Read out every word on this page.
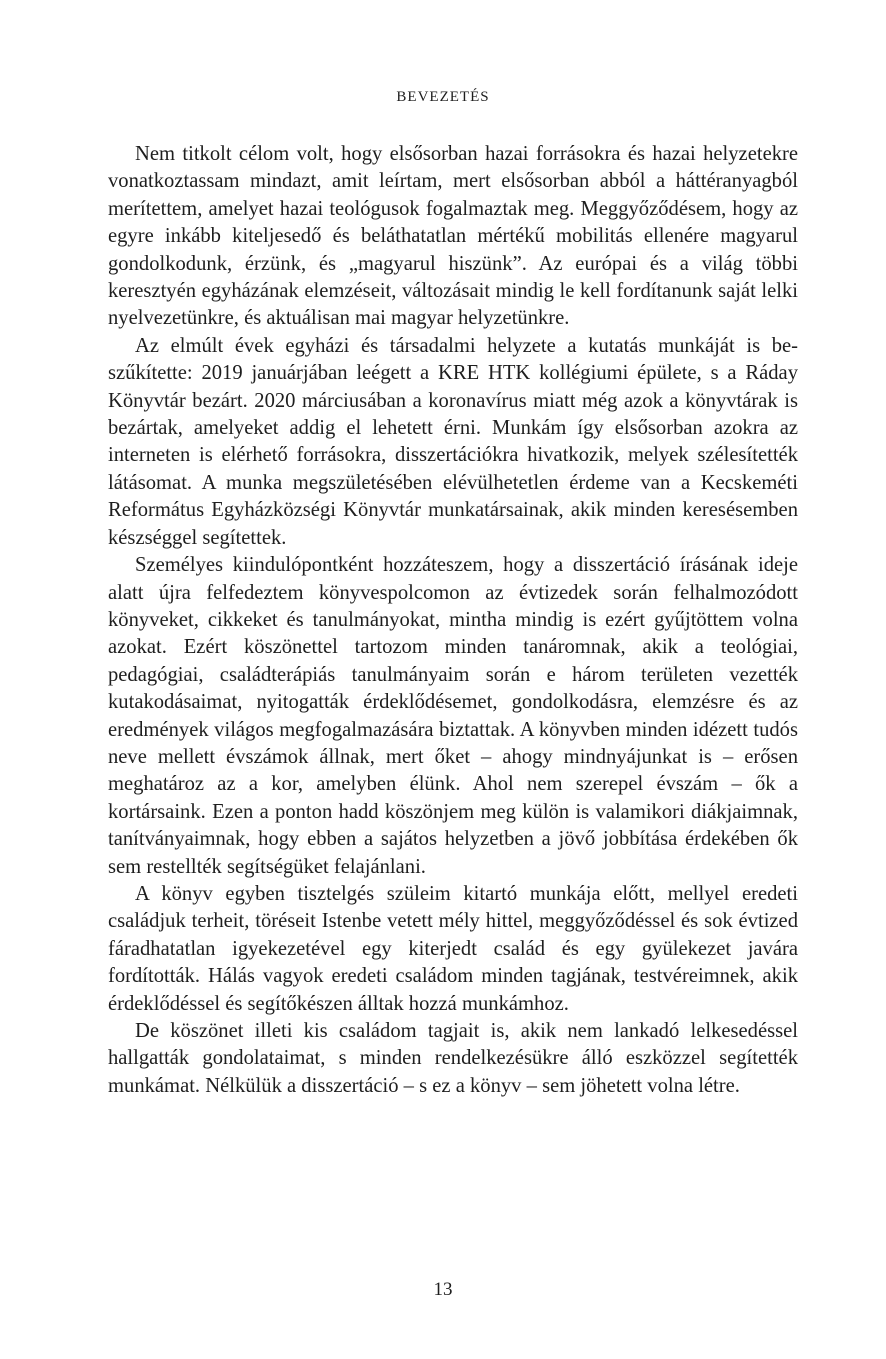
BEVEZETÉS

Nem titkolt célom volt, hogy elsősorban hazai forrásokra és hazai helyzetekre vonatkoztassam mindazt, amit leírtam, mert elsősorban abból a háttéranyagból merítettem, amelyet hazai teológusok fogalmaztak meg. Meggyőződésem, hogy az egyre inkább kiteljesedő és beláthatatlan mértékű mobilitás ellenére magyarul gondolkodunk, érzünk, és „magyarul hiszünk”. Az európai és a világ többi keresztyén egyházának elemzéseit, változásait mindig le kell fordítanunk saját lelki nyelvezetünkre, és aktuálisan mai magyar helyzetünkre.

Az elmúlt évek egyházi és társadalmi helyzete a kutatás munkáját is beszűkítette: 2019 januárjában leégett a KRE HTK kollégiumi épülete, s a Ráday Könyvtár bezárt. 2020 márciusában a koronavírus miatt még azok a könyvtárak is bezártak, amelyeket addig el lehetett érni. Munkám így elsősorban azokra az interneten is elérhető forrásokra, disszertációkra hivatkozik, melyek szélesítették látásomat. A munka megszületésében elévülhetetlen érdeme van a Kecskeméti Református Egyházközségi Könyvtár munkatársainak, akik minden keresésemben készséggel segítettek.

Személyes kiindulópontként hozzáteszem, hogy a disszertáció írásának ideje alatt újra felfedeztem könyvespolcomon az évtizedek során felhalmozódott könyveket, cikkeket és tanulmányokat, mintha mindig is ezért gyűjtöttem volna azokat. Ezért köszönettel tartozom minden tanáromnak, akik a teológiai, pedagógiai, családterápiás tanulmányaim során e három területen vezették kutakodásaimat, nyitogatták érdeklődésemet, gondolkodásra, elemzésre és az eredmények világos megfogalmazására biztattak. A könyvben minden idézett tudós neve mellett évszámok állnak, mert őket – ahogy mindnyájunkat is – erősen meghatároz az a kor, amelyben élünk. Ahol nem szerepel évszám – ők a kortársaink. Ezen a ponton hadd köszönjem meg külön is valamikori diákjaimnak, tanítványaimnak, hogy ebben a sajátos helyzetben a jövő jobbítása érdekében ők sem restellték segítségüket felajánlani.

A könyv egyben tisztelgés szüleim kitartó munkája előtt, mellyel eredeti családjuk terheit, töréseit Istenbe vetett mély hittel, meggyőződéssel és sok évtized fáradhatatlan igyekezetével egy kiterjedt család és egy gyülekezet javára fordították. Hálás vagyok eredeti családom minden tagjának, testvéreimnek, akik érdeklődéssel és segítőkészen álltak hozzá munkámhoz.

De köszönet illeti kis családom tagjait is, akik nem lankadó lelkesedéssel hallgatták gondolataimat, s minden rendelkezésükre álló eszközzel segítették munkámat. Nélkülük a disszertáció – s ez a könyv – sem jöhetett volna létre.

13
